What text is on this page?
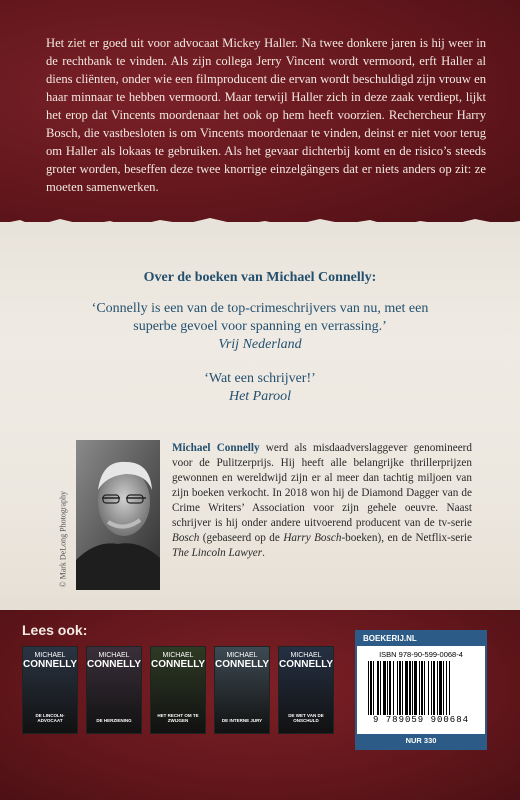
Het ziet er goed uit voor advocaat Mickey Haller. Na twee donkere jaren is hij weer in de rechtbank te vinden. Als zijn collega Jerry Vincent wordt vermoord, erft Haller al diens cliënten, onder wie een filmproducent die ervan wordt beschuldigd zijn vrouw en haar minnaar te hebben vermoord. Maar terwijl Haller zich in deze zaak verdiept, lijkt het erop dat Vincents moordenaar het ook op hem heeft voorzien. Rechercheur Harry Bosch, die vastbesloten is om Vincents moordenaar te vinden, deinst er niet voor terug om Haller als lokaas te gebruiken. Als het gevaar dichterbij komt en de risico’s steeds groter worden, beseffen deze twee knorrige einzelgängers dat er niets anders op zit: ze moeten samenwerken.
Over de boeken van Michael Connelly:
‘Connelly is een van de top-crimeschrijvers van nu, met een superbe gevoel voor spanning en verrassing.’
Vrij Nederland
‘Wat een schrijver!’
Het Parool
© Mark DeLong Photography
Michael Connelly werd als misdaadverslaggever genomineerd voor de Pulitzerprijs. Hij heeft alle belangrijke thrillerprijzen gewonnen en wereldwijd zijn er al meer dan tachtig miljoen van zijn boeken verkocht. In 2018 won hij de Diamond Dagger van de Crime Writers’ Association voor zijn gehele oeuvre. Naast schrijver is hij onder andere uitvoerend producent van de tv-serie Bosch (gebaseerd op de Harry Bosch-boeken), en de Netflix-serie The Lincoln Lawyer.
Lees ook:
MICHAEL
CONNELLY
DE LINCOLN-ADVOCAAT
MICHAEL
CONNELLY
DE HERZIENING
MICHAEL
CONNELLY
HET RECHT OM TE ZWIJGEN
MICHAEL
CONNELLY
DE INTERNE JURY
MICHAEL
CONNELLY
DE WET VAN DE ONSCHULD
BOEKERIJ.NL
ISBN 978-90-599-0068-4
9 789059 900684
NUR 330
